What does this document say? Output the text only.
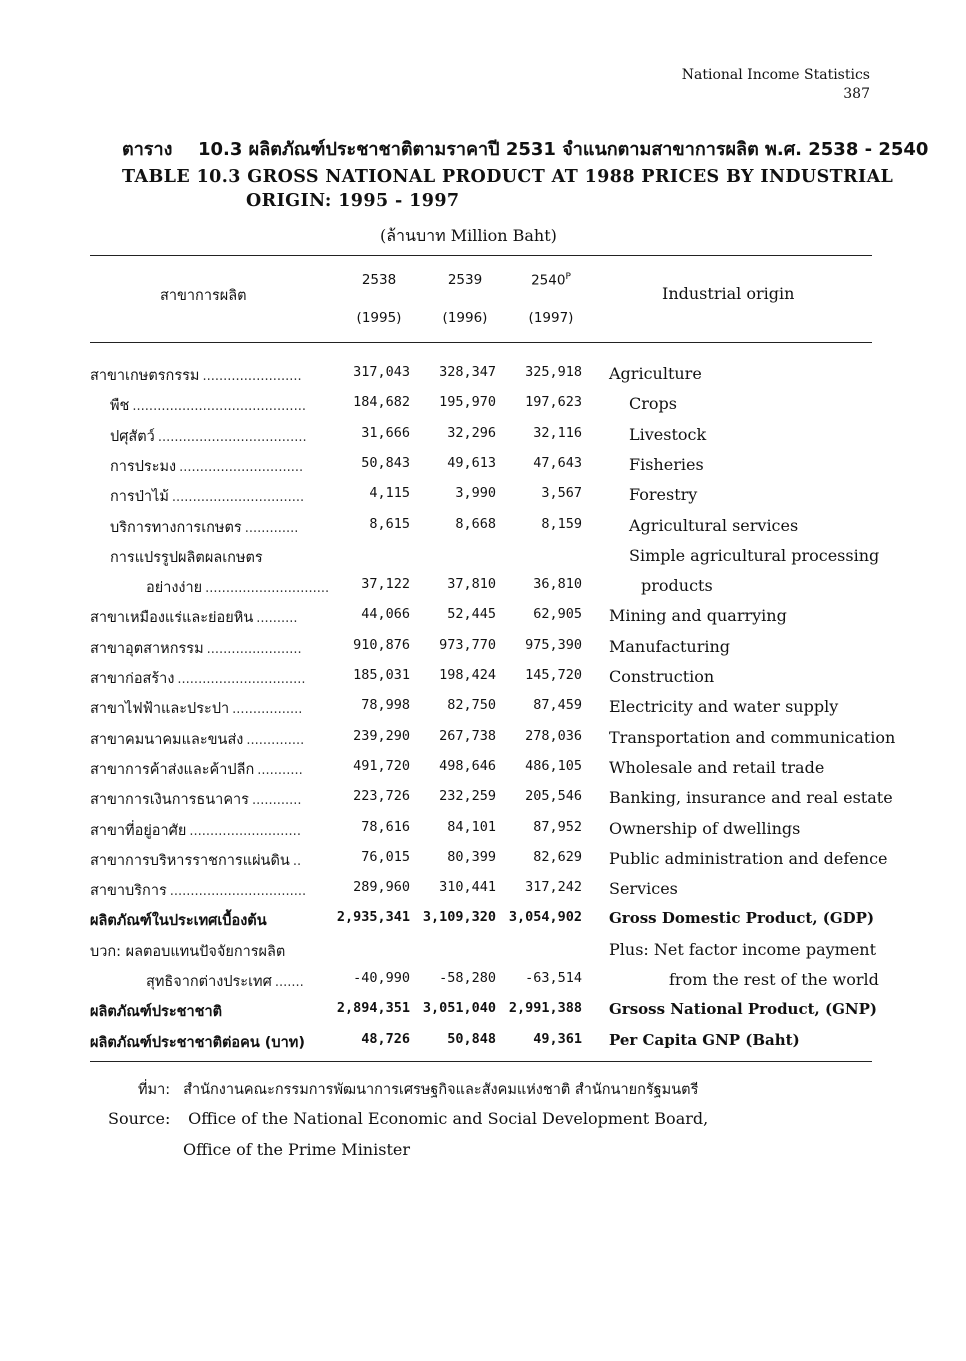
National Income Statistics
387
ตาราง 10.3 ผลิตภัณฑ์ประชาชาติตามราคาปี 2531 จำแนกตามสาขาการผลิต พ.ศ. 2538 - 2540
TABLE 10.3 GROSS NATIONAL PRODUCT AT 1988 PRICES BY INDUSTRIAL
ORIGIN: 1995 - 1997
(ล้านบาท Million Baht)
สาขาการผลิต	Industrial origin
2538	2539	$2540^P$
(1995)	(1996)	(1997)
สาขาเกษตรกรรม ........................	317,043	328,347	325,918 Agriculture
พืช ..........................................	184,682	195,970	197,623	Crops
ปศุสัตว์ ....................................	31,666	32,296	32,116	Livestock
การประมง ..............................	50,843	49,613	47,643	Fisheries
การป่าไม้ ................................	4,115	3,990	3,567	Forestry
บริการทางการเกษตร .............	8,615	8,668	8,159	Agricultural services
การแปรรูปผลิตผลเกษตร	Simple agricultural processing
อย่างง่าย ..............................	37,122	37,810	36,810	products
สาขาเหมืองแร่และย่อยหิน ..........	44,066	52,445	62,905 Mining and quarrying
สาขาอุตสาหกรรม .......................	910,876	973,770	975,390 Manufacturing
สาขาก่อสร้าง ...............................	185,031	198,424	145,720 Construction
สาขาไฟฟ้าและประปา .................	78,998	82,750	87,459 Electricity and water supply
สาขาคมนาคมและขนส่ง ..............	239,290	267,738	278,036 Transportation and communication
สาขาการค้าส่งและค้าปลีก ...........	491,720	498,646	486,105 Wholesale and retail trade
สาขาการเงินการธนาคาร ............	223,726	232,259	205,546 Banking, insurance and real estate
สาขาที่อยู่อาศัย ...........................	78,616	84,101	87,952 Ownership of dwellings
สาขาการบริหารราชการแผ่นดิน ..	76,015	80,399	82,629 Public administration and defence
สาขาบริการ .................................	289,960	310,441	317,242 Services
ผลิตภัณฑ์ในประเทศเบื้องต้น	2,935,341 3,109,320 3,054,902 Gross Domestic Product, (GDP)
บวก: ผลตอบแทนปัจจัยการผลิต	Plus: Net factor income payment
สุทธิจากต่างประเทศ .......	-40,990	-58,280	-63,514	from the rest of the world
ผลิตภัณฑ์ประชาชาติ	2,894,351 3,051,040 2,991,388 Grsoss National Product, (GNP)
ผลิตภัณฑ์ประชาชาติต่อคน (บาท)	48,726	50,848	49,361 Per Capita GNP (Baht)
ที่มา: สำนักงานคณะกรรมการพัฒนาการเศรษฐกิจและสังคมแห่งชาติ สำนักนายกรัฐมนตรี
Source: Office of the National Economic and Social Development Board,
Office of the Prime Minister
